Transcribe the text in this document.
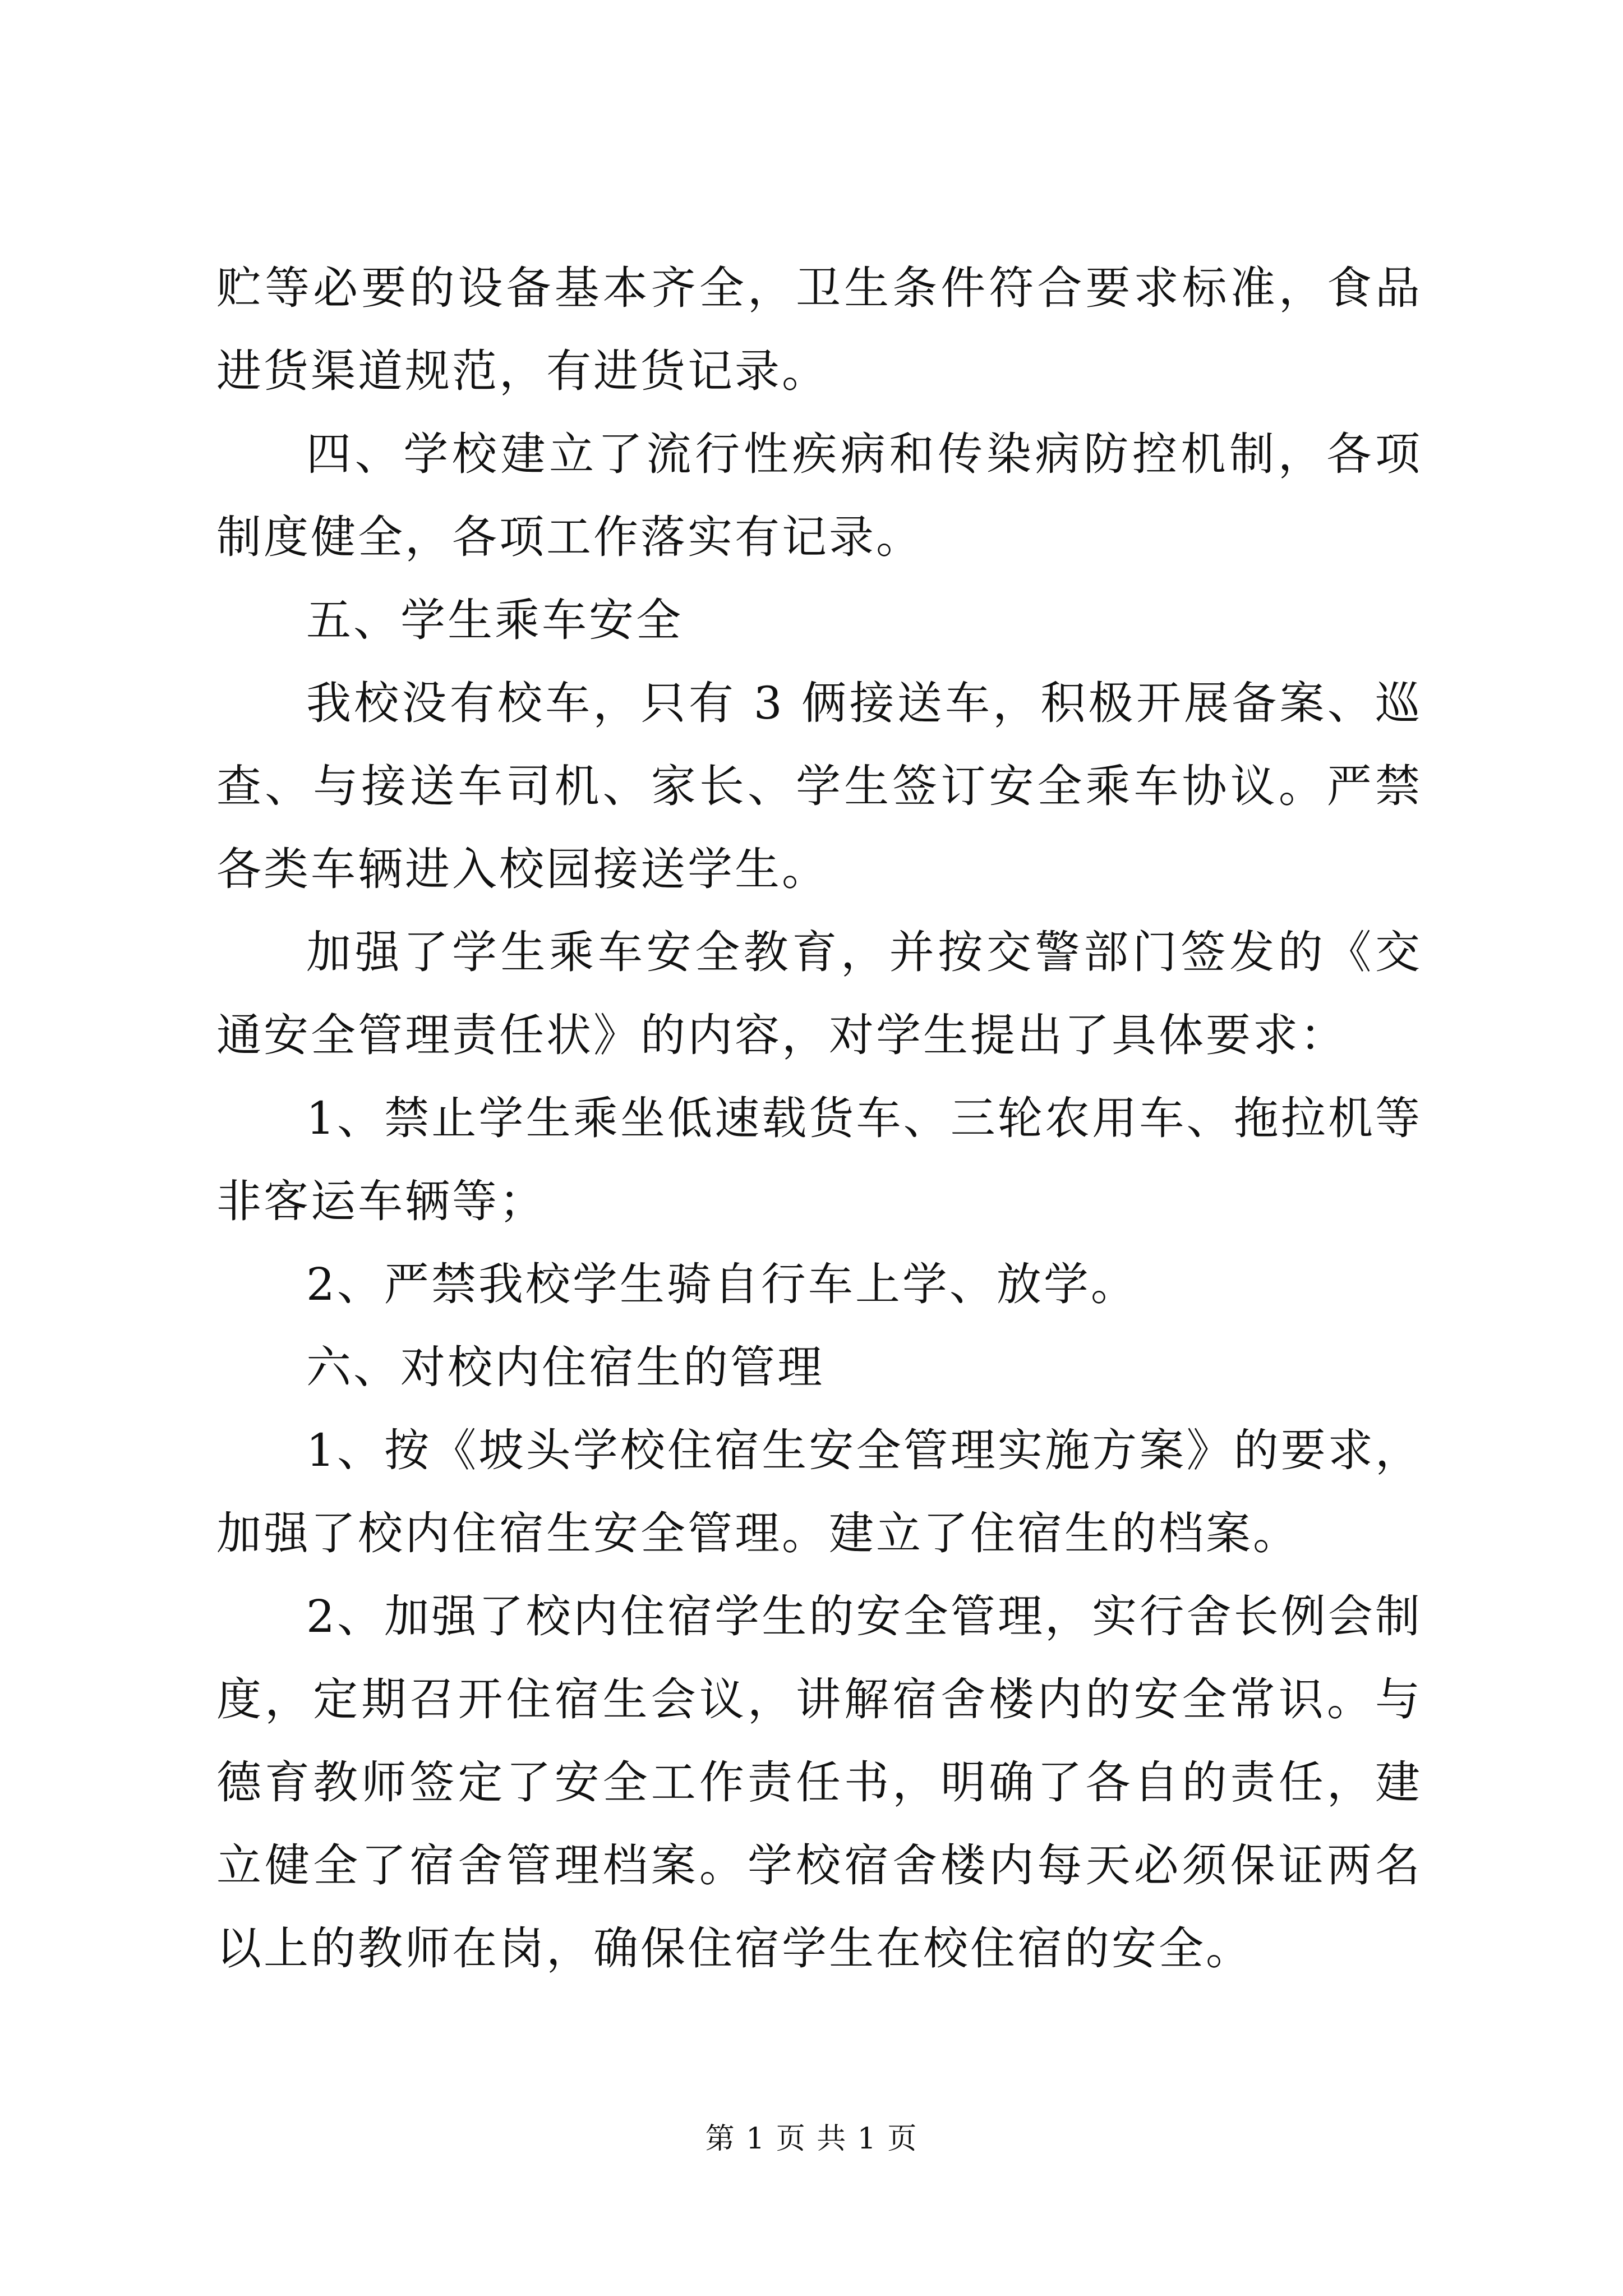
贮等必要的设备基本齐全，卫生条件符合要求标准，食品进货渠道规范，有进货记录。

四、学校建立了流行性疾病和传染病防控机制，各项制度健全，各项工作落实有记录。

五、学生乘车安全

我校没有校车，只有 3 俩接送车，积极开展备案、巡查、与接送车司机、家长、学生签订安全乘车协议。严禁各类车辆进入校园接送学生。

加强了学生乘车安全教育，并按交警部门签发的《交通安全管理责任状》的内容，对学生提出了具体要求：

1、禁止学生乘坐低速载货车、三轮农用车、拖拉机等非客运车辆等；

2、严禁我校学生骑自行车上学、放学。

六、对校内住宿生的管理

1、按《坡头学校住宿生安全管理实施方案》的要求，加强了校内住宿生安全管理。建立了住宿生的档案。

2、加强了校内住宿学生的安全管理，实行舍长例会制度，定期召开住宿生会议，讲解宿舍楼内的安全常识。与德育教师签定了安全工作责任书，明确了各自的责任，建立健全了宿舍管理档案。学校宿舍楼内每天必须保证两名以上的教师在岗，确保住宿学生在校住宿的安全。

第 1 页 共 1 页
